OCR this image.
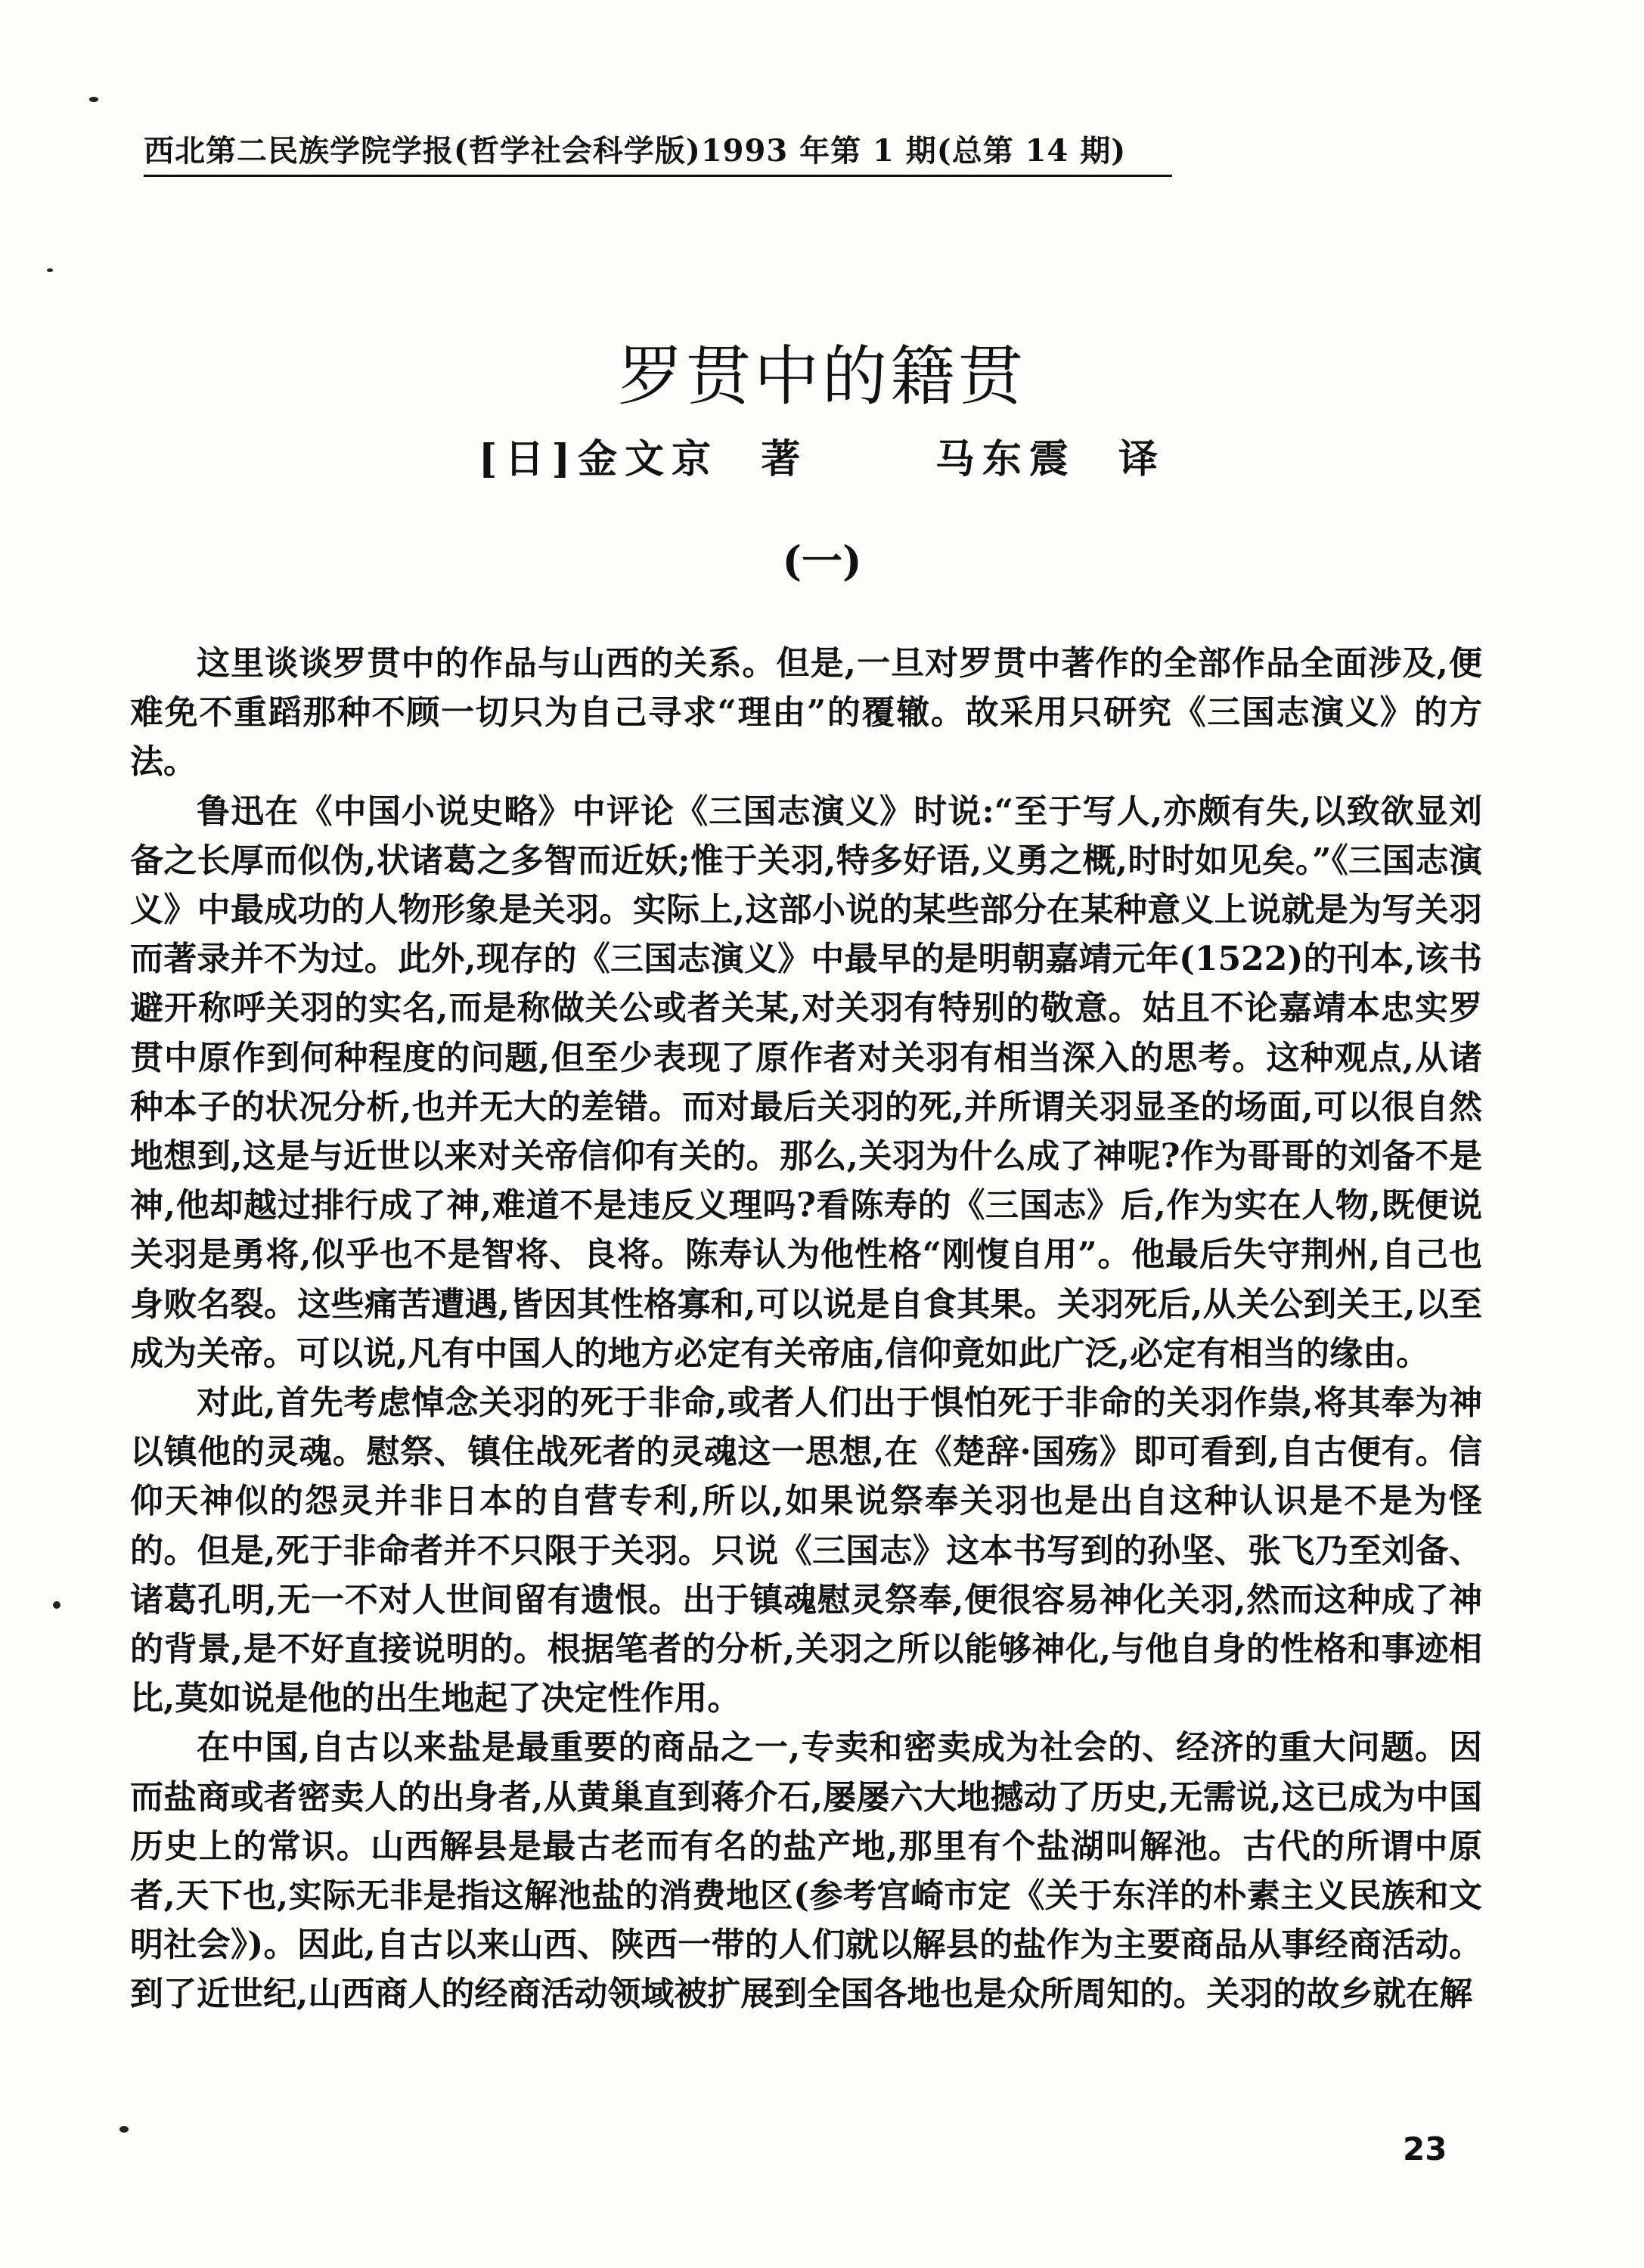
西北第二民族学院学报(哲学社会科学版)1993 年第 1 期(总第 14 期)
罗贯中的籍贯
[日]金文京  著      马东震  译
(一)

这里谈谈罗贯中的作品与山西的关系。但是,一旦对罗贯中著作的全部作品全面涉及,便难免不重蹈那种不顾一切只为自己寻求“理由”的覆辙。故采用只研究《三国志演义》的方法。

鲁迅在《中国小说史略》中评论《三国志演义》时说:“至于写人,亦颇有失,以致欲显刘备之长厚而似伪,状诸葛之多智而近妖;惟于关羽,特多好语,义勇之概,时时如见矣。”《三国志演义》中最成功的人物形象是关羽。实际上,这部小说的某些部分在某种意义上说就是为写关羽而著录并不为过。此外,现存的《三国志演义》中最早的是明朝嘉靖元年(1522)的刊本,该书避开称呼关羽的实名,而是称做关公或者关某,对关羽有特别的敬意。姑且不论嘉靖本忠实罗贯中原作到何种程度的问题,但至少表现了原作者对关羽有相当深入的思考。这种观点,从诸种本子的状况分析,也并无大的差错。而对最后关羽的死,并所谓关羽显圣的场面,可以很自然地想到,这是与近世以来对关帝信仰有关的。那么,关羽为什么成了神呢?作为哥哥的刘备不是神,他却越过排行成了神,难道不是违反义理吗?看陈寿的《三国志》后,作为实在人物,既便说关羽是勇将,似乎也不是智将、良将。陈寿认为他性格“刚愎自用”。他最后失守荆州,自己也身败名裂。这些痛苦遭遇,皆因其性格寡和,可以说是自食其果。关羽死后,从关公到关王,以至成为关帝。可以说,凡有中国人的地方必定有关帝庙,信仰竟如此广泛,必定有相当的缘由。

对此,首先考虑悼念关羽的死于非命,或者人们出于惧怕死于非命的关羽作祟,将其奉为神以镇他的灵魂。慰祭、镇住战死者的灵魂这一思想,在《楚辞·国殇》即可看到,自古便有。信仰天神似的怨灵并非日本的自营专利,所以,如果说祭奉关羽也是出自这种认识是不是为怪的。但是,死于非命者并不只限于关羽。只说《三国志》这本书写到的孙坚、张飞乃至刘备、诸葛孔明,无一不对人世间留有遗恨。出于镇魂慰灵祭奉,便很容易神化关羽,然而这种成了神的背景,是不好直接说明的。根据笔者的分析,关羽之所以能够神化,与他自身的性格和事迹相比,莫如说是他的出生地起了决定性作用。

在中国,自古以来盐是最重要的商品之一,专卖和密卖成为社会的、经济的重大问题。因而盐商或者密卖人的出身者,从黄巢直到蒋介石,屡屡六大地撼动了历史,无需说,这已成为中国历史上的常识。山西解县是最古老而有名的盐产地,那里有个盐湖叫解池。古代的所谓中原者,天下也,实际无非是指这解池盐的消费地区(参考宫崎市定《关于东洋的朴素主义民族和文明社会》)。因此,自古以来山西、陕西一带的人们就以解县的盐作为主要商品从事经商活动。到了近世纪,山西商人的经商活动领域被扩展到全国各地也是众所周知的。关羽的故乡就在解

23
